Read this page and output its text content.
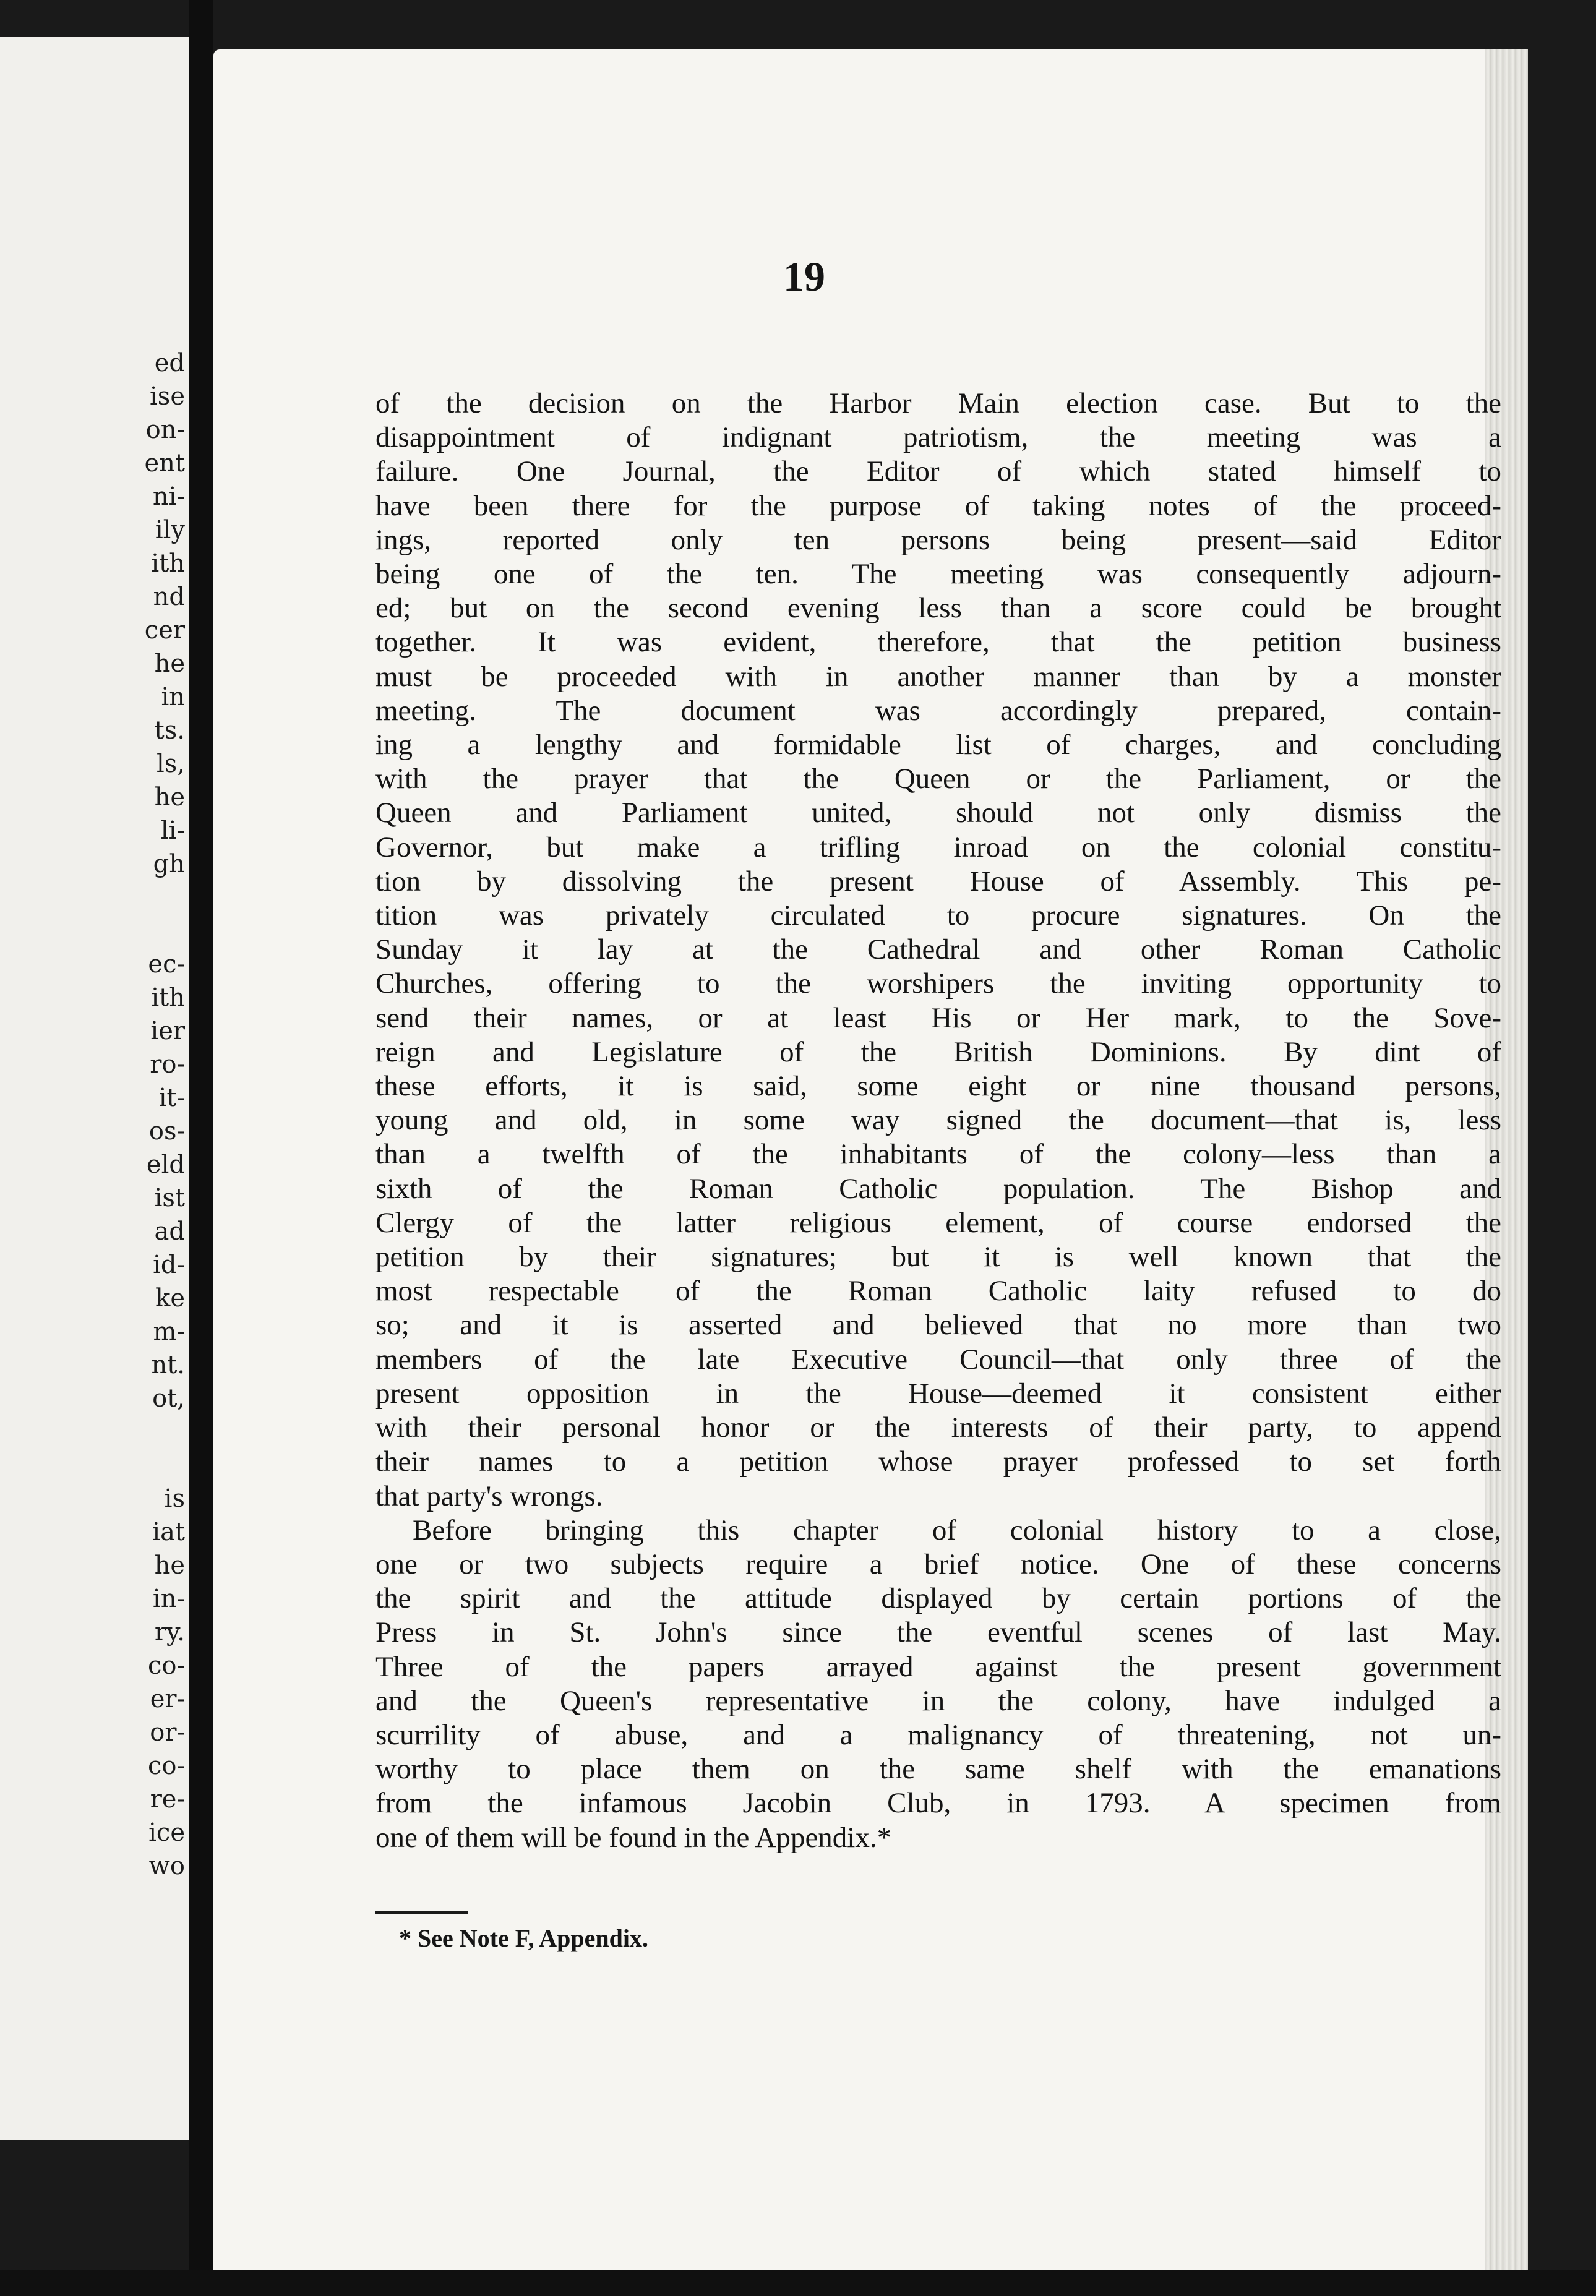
ed
ise
on-
ent
ni-
ily
ith
nd
cer
he
in
ts.
ls,
he
li-
gh
ec-
ith
ier
ro-
it-
os-
eld
ist
ad
id-
ke
m-
nt.
ot,
is
iat
he
in-
ry.
co-
er-
or-
co-
re-
ice
wo
19
of the decision on the Harbor Main election case. But to the
disappointment of indignant patriotism, the meeting was a
failure. One Journal, the Editor of which stated himself to
have been there for the purpose of taking notes of the proceed-
ings, reported only ten persons being present—said Editor
being one of the ten. The meeting was consequently adjourn-
ed; but on the second evening less than a score could be brought
together. It was evident, therefore, that the petition business
must be proceeded with in another manner than by a monster
meeting. The document was accordingly prepared, contain-
ing a lengthy and formidable list of charges, and concluding
with the prayer that the Queen or the Parliament, or the
Queen and Parliament united, should not only dismiss the
Governor, but make a trifling inroad on the colonial constitu-
tion by dissolving the present House of Assembly. This pe-
tition was privately circulated to procure signatures. On the
Sunday it lay at the Cathedral and other Roman Catholic
Churches, offering to the worshipers the inviting opportunity to
send their names, or at least His or Her mark, to the Sove-
reign and Legislature of the British Dominions. By dint of
these efforts, it is said, some eight or nine thousand persons,
young and old, in some way signed the document—that is, less
than a twelfth of the inhabitants of the colony—less than a
sixth of the Roman Catholic population. The Bishop and
Clergy of the latter religious element, of course endorsed the
petition by their signatures; but it is well known that the
most respectable of the Roman Catholic laity refused to do
so; and it is asserted and believed that no more than two
members of the late Executive Council—that only three of the
present opposition in the House—deemed it consistent either
with their personal honor or the interests of their party, to append
their names to a petition whose prayer professed to set forth
that party's wrongs.
Before bringing this chapter of colonial history to a close,
one or two subjects require a brief notice. One of these concerns
the spirit and the attitude displayed by certain portions of the
Press in St. John's since the eventful scenes of last May.
Three of the papers arrayed against the present government
and the Queen's representative in the colony, have indulged a
scurrility of abuse, and a malignancy of threatening, not un-
worthy to place them on the same shelf with the emanations
from the infamous Jacobin Club, in 1793. A specimen from
one of them will be found in the Appendix.*
* See Note F, Appendix.
